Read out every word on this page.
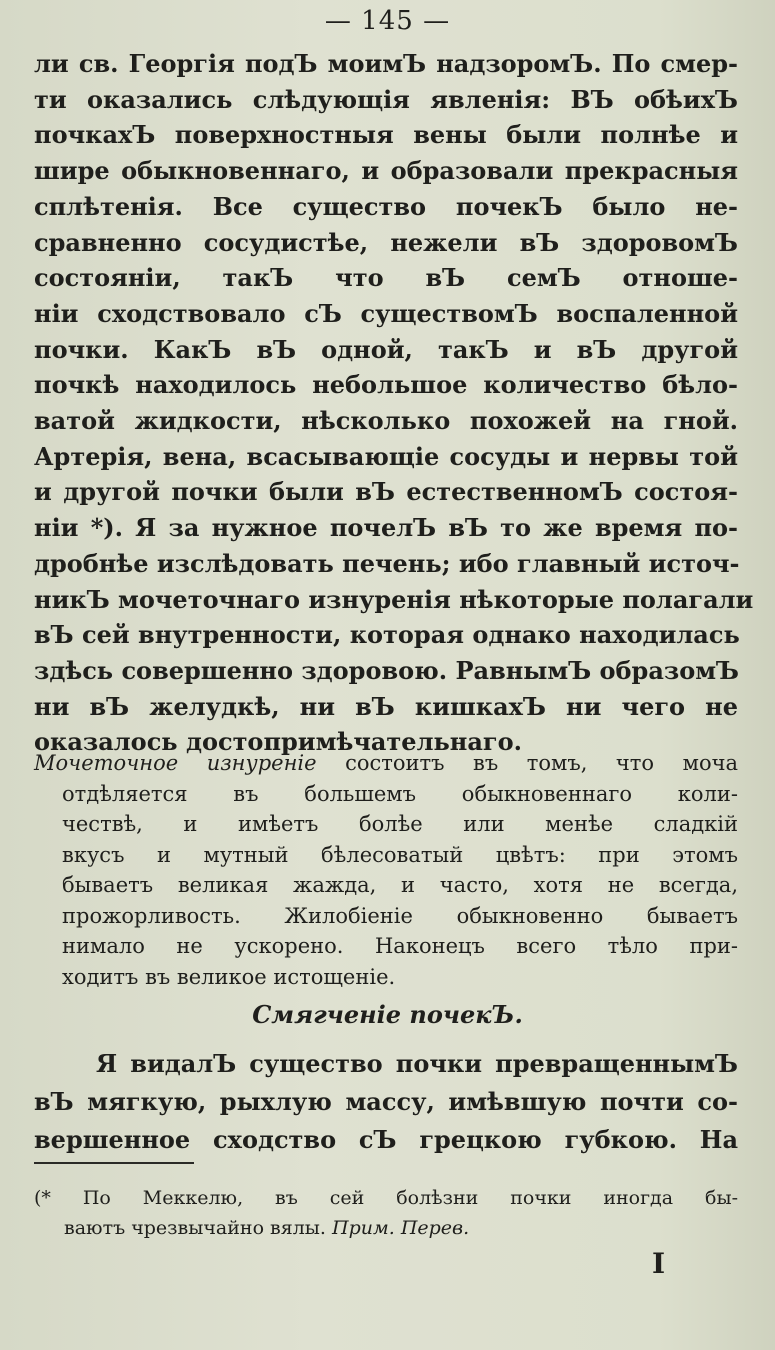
— 145 —
ли св. Георгія подЪ моимЪ надзоромЪ. По смер-
ти оказались слѣдующія явленія: ВЪ обѣихЪ
почкахЪ поверхностныя вены были полнѣе и
шире обыкновеннаго, и образовали прекрасныя
сплѣтенія. Все существо почекЪ было не-
сравненно сосудистѣе, нежели вЪ здоровомЪ
состояніи, такЪ что вЪ семЪ отноше-
ніи сходствовало сЪ существомЪ воспаленной
почки. КакЪ вЪ одной, такЪ и вЪ другой
почкѣ находилось небольшое количество бѣло-
ватой жидкости, нѣсколько похожей на гной.
Артерія, вена, всасывающіе сосуды и нервы той
и другой почки были вЪ естественномЪ состоя-
ніи *). Я за нужное почелЪ вЪ то же время по-
дробнѣе изслѣдовать печень; ибо главный источ-
никЪ мочеточнаго изнуренія нѣкоторые полагали
вЪ сей внутренности, которая однако находилась
здѣсь совершенно здоровою. РавнымЪ образомЪ
ни вЪ желудкѣ, ни вЪ кишкахЪ ни чего не
оказалось достопримѣчательнаго.
Мочеточное изнуреніе состоитъ въ томъ, что моча
отдѣляется въ большемъ обыкновеннаго коли-
чествѣ, и имѣетъ болѣе или менѣе сладкій
вкусъ и мутный бѣлесоватый цвѣтъ: при этомъ
бываетъ великая жажда, и часто, хотя не всегда,
прожорливость. Жилобіеніе обыкновенно бываетъ
нимало не ускорено. Наконецъ всего тѣло при-
ходитъ въ великое истощеніе.
Смягченіе почекЪ.
Я видалЪ существо почки превращеннымЪ
вЪ мягкую, рыхлую массу, имѣвшую почти со-
вершенное сходство сЪ грецкою губкою. На
(* По Меккелю, въ сей болѣзни почки иногда бы-
ваютъ чрезвычайно вялы. Прим. Перев.
I
